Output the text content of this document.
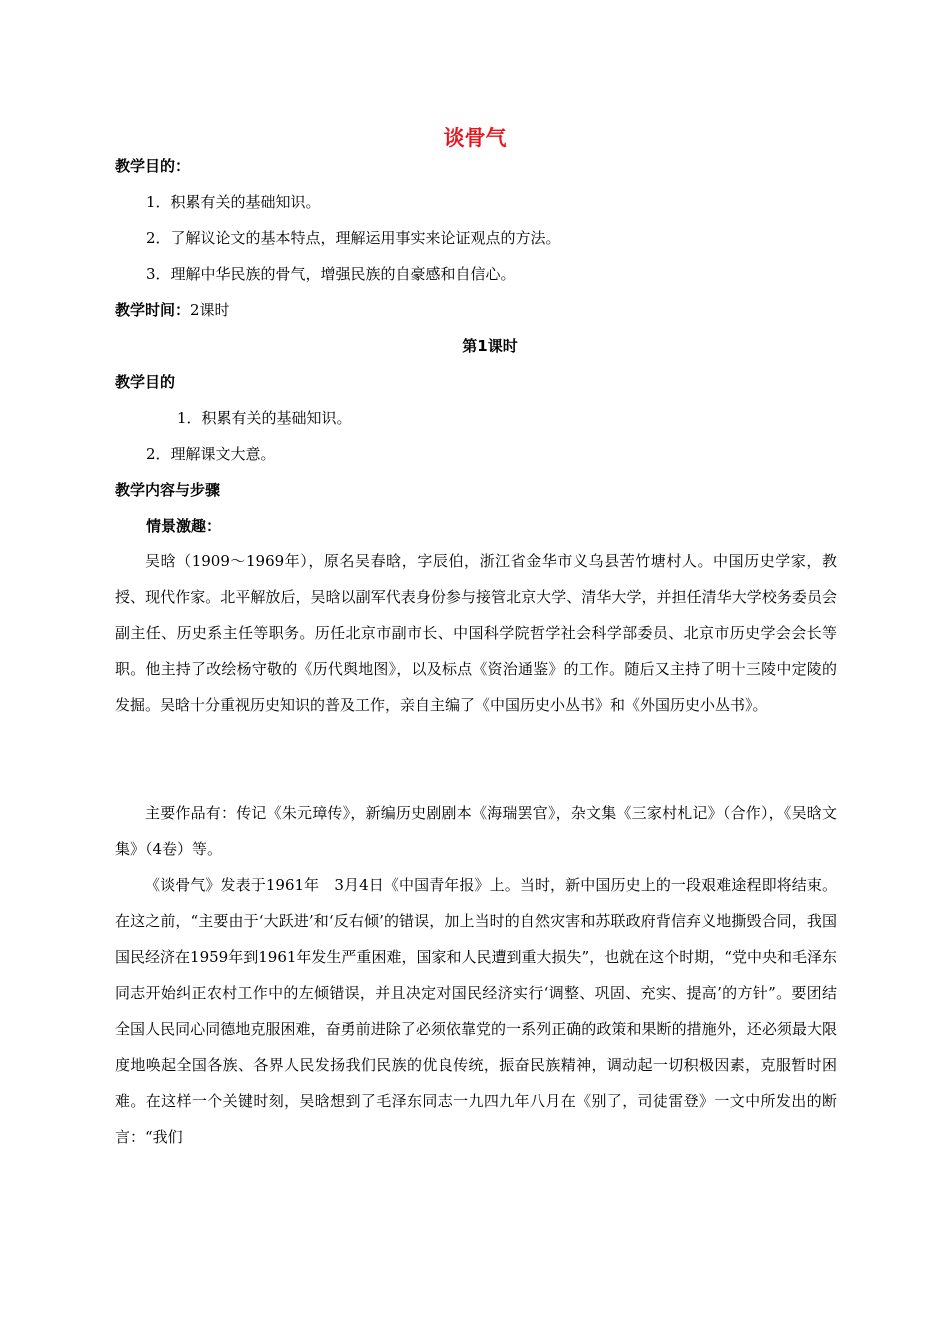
谈骨气
教学目的：
1．积累有关的基础知识。
2．了解议论文的基本特点，理解运用事实来论证观点的方法。
3．理解中华民族的骨气，增强民族的自豪感和自信心。
教学时间：2课时
第1课时
教学目的
1．积累有关的基础知识。
2．理解课文大意。
教学内容与步骤
情景激趣：
吴晗（1909～1969年），原名吴春晗，字辰伯，浙江省金华市义乌县苦竹塘村人。中国历史学家，教授、现代作家。北平解放后，吴晗以副军代表身份参与接管北京大学、清华大学，并担任清华大学校务委员会副主任、历史系主任等职务。历任北京市副市长、中国科学院哲学社会科学部委员、北京市历史学会会长等职。他主持了改绘杨守敬的《历代舆地图》，以及标点《资治通鉴》的工作。随后又主持了明十三陵中定陵的发掘。吴晗十分重视历史知识的普及工作，亲自主编了《中国历史小丛书》和《外国历史小丛书》。
主要作品有：传记《朱元璋传》，新编历史剧剧本《海瑞罢官》，杂文集《三家村札记》（合作），《吴晗文集》（4卷）等。
《谈骨气》发表于1961年　3月4日《中国青年报》上。当时，新中国历史上的一段艰难途程即将结束。在这之前，“主要由于‘大跃进’和‘反右倾’的错误，加上当时的自然灾害和苏联政府背信弃义地撕毁合同，我国国民经济在1959年到1961年发生严重困难，国家和人民遭到重大损失”，也就在这个时期，“党中央和毛泽东同志开始纠正农村工作中的左倾错误，并且决定对国民经济实行‘调整、巩固、充实、提高’的方针”。要团结全国人民同心同德地克服困难，奋勇前进除了必须依靠党的一系列正确的政策和果断的措施外，还必须最大限度地唤起全国各族、各界人民发扬我们民族的优良传统，振奋民族精神，调动起一切积极因素，克服暂时困难。在这样一个关键时刻，吴晗想到了毛泽东同志一九四九年八月在《别了，司徒雷登》一文中所发出的断言：“我们
